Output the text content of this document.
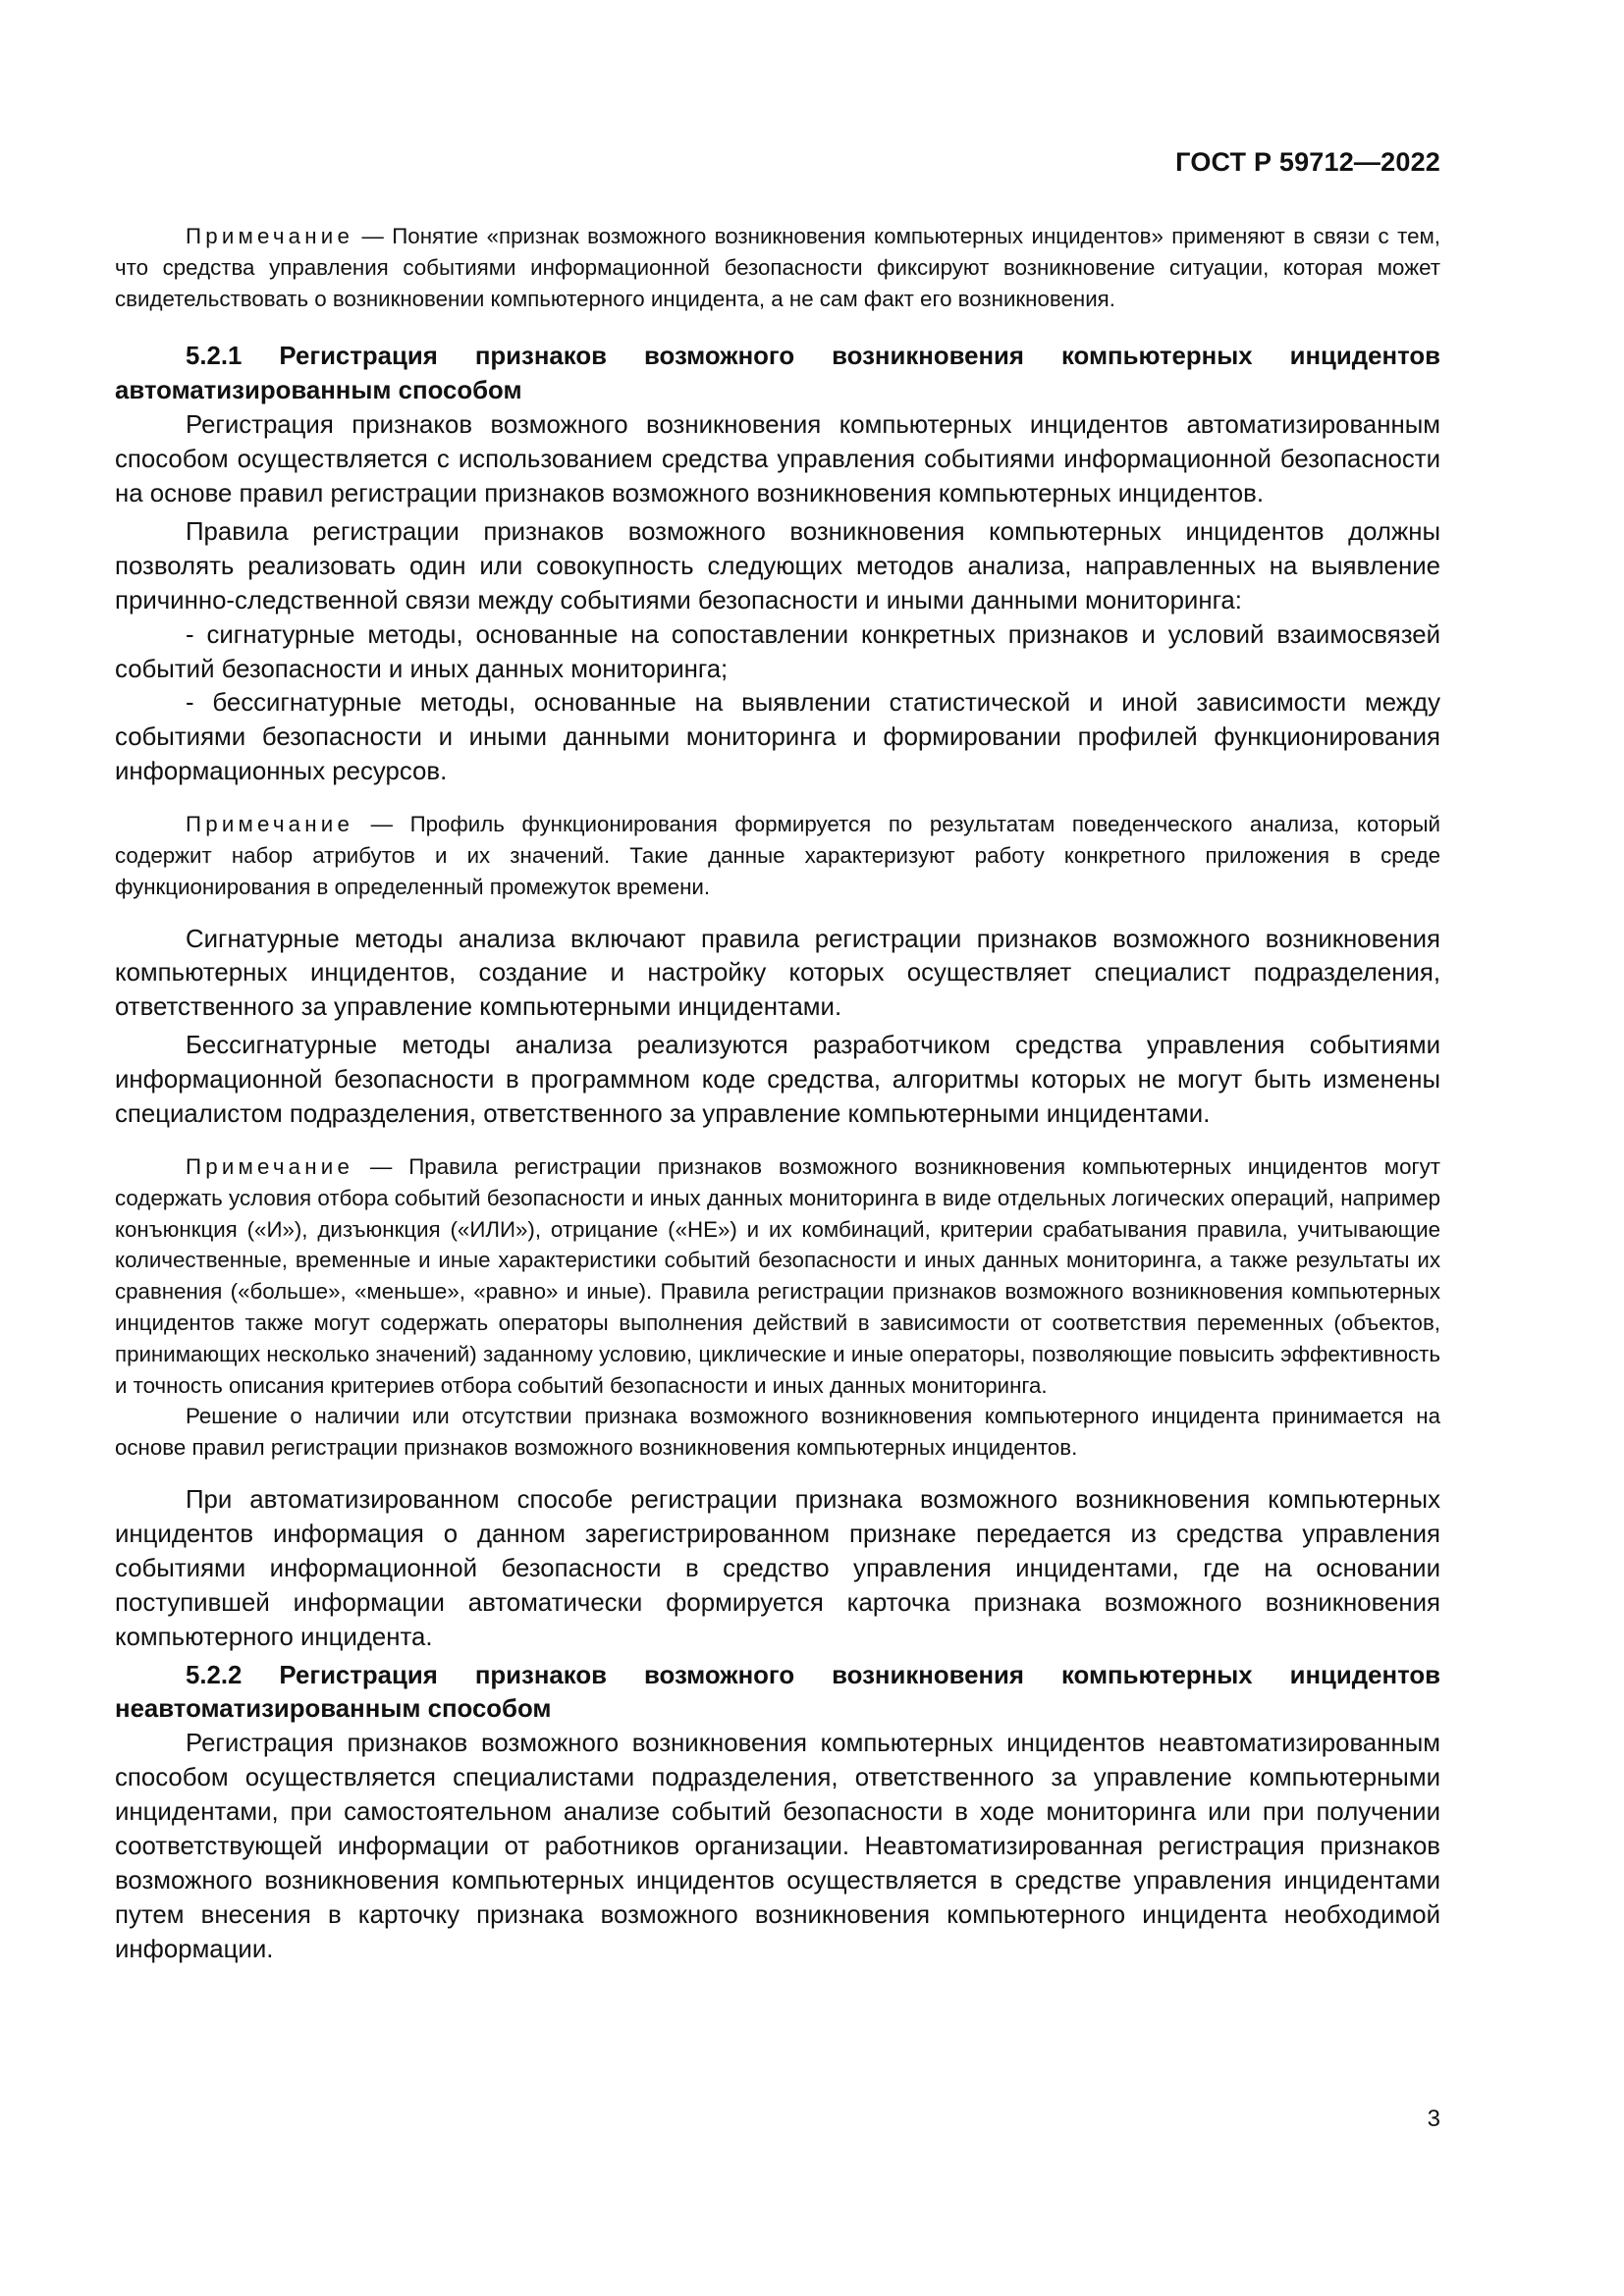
ГОСТ Р 59712—2022

Примечание — Понятие «признак возможного возникновения компьютерных инцидентов» применяют в связи с тем, что средства управления событиями информационной безопасности фиксируют возникновение ситуации, которая может свидетельствовать о возникновении компьютерного инцидента, а не сам факт его возникновения.

5.2.1 Регистрация признаков возможного возникновения компьютерных инцидентов автоматизированным способом

Регистрация признаков возможного возникновения компьютерных инцидентов автоматизированным способом осуществляется с использованием средства управления событиями информационной безопасности на основе правил регистрации признаков возможного возникновения компьютерных инцидентов.

Правила регистрации признаков возможного возникновения компьютерных инцидентов должны позволять реализовать один или совокупность следующих методов анализа, направленных на выявление причинно-следственной связи между событиями безопасности и иными данными мониторинга:

- сигнатурные методы, основанные на сопоставлении конкретных признаков и условий взаимосвязей событий безопасности и иных данных мониторинга;

- бессигнатурные методы, основанные на выявлении статистической и иной зависимости между событиями безопасности и иными данными мониторинга и формировании профилей функционирования информационных ресурсов.

Примечание — Профиль функционирования формируется по результатам поведенческого анализа, который содержит набор атрибутов и их значений. Такие данные характеризуют работу конкретного приложения в среде функционирования в определенный промежуток времени.

Сигнатурные методы анализа включают правила регистрации признаков возможного возникновения компьютерных инцидентов, создание и настройку которых осуществляет специалист подразделения, ответственного за управление компьютерными инцидентами.

Бессигнатурные методы анализа реализуются разработчиком средства управления событиями информационной безопасности в программном коде средства, алгоритмы которых не могут быть изменены специалистом подразделения, ответственного за управление компьютерными инцидентами.

Примечание — Правила регистрации признаков возможного возникновения компьютерных инцидентов могут содержать условия отбора событий безопасности и иных данных мониторинга в виде отдельных логических операций, например конъюнкция («И»), дизъюнкция («ИЛИ»), отрицание («НЕ») и их комбинаций, критерии срабатывания правила, учитывающие количественные, временные и иные характеристики событий безопасности и иных данных мониторинга, а также результаты их сравнения («больше», «меньше», «равно» и иные). Правила регистрации признаков возможного возникновения компьютерных инцидентов также могут содержать операторы выполнения действий в зависимости от соответствия переменных (объектов, принимающих несколько значений) заданному условию, циклические и иные операторы, позволяющие повысить эффективность и точность описания критериев отбора событий безопасности и иных данных мониторинга.

Решение о наличии или отсутствии признака возможного возникновения компьютерного инцидента принимается на основе правил регистрации признаков возможного возникновения компьютерных инцидентов.

При автоматизированном способе регистрации признака возможного возникновения компьютерных инцидентов информация о данном зарегистрированном признаке передается из средства управления событиями информационной безопасности в средство управления инцидентами, где на основании поступившей информации автоматически формируется карточка признака возможного возникновения компьютерного инцидента.

5.2.2 Регистрация признаков возможного возникновения компьютерных инцидентов неавтоматизированным способом

Регистрация признаков возможного возникновения компьютерных инцидентов неавтоматизированным способом осуществляется специалистами подразделения, ответственного за управление компьютерными инцидентами, при самостоятельном анализе событий безопасности в ходе мониторинга или при получении соответствующей информации от работников организации. Неавтоматизированная регистрация признаков возможного возникновения компьютерных инцидентов осуществляется в средстве управления инцидентами путем внесения в карточку признака возможного возникновения компьютерного инцидента необходимой информации.

3
